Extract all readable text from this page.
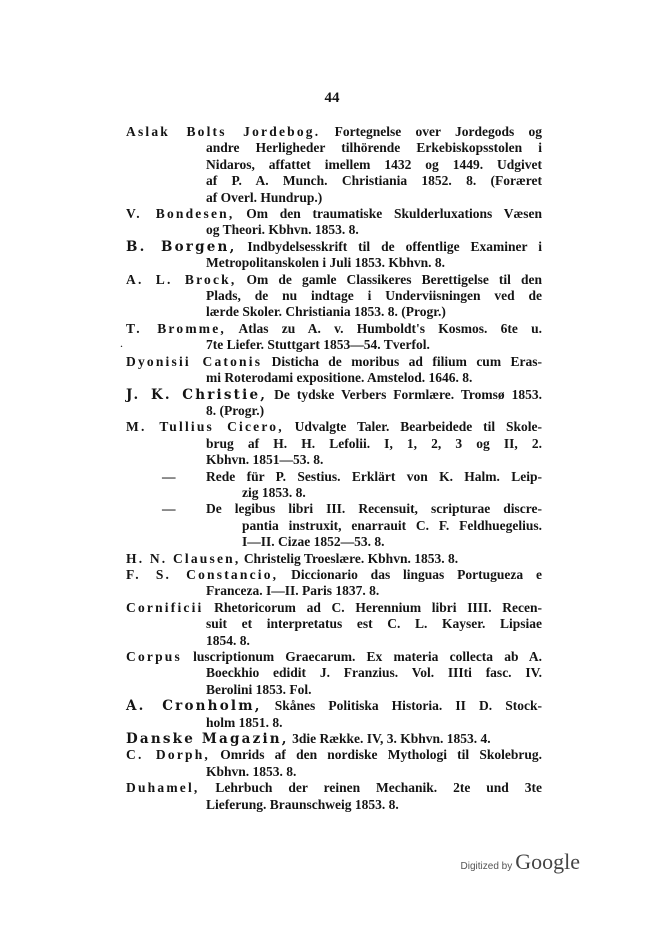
44
.
Aslak Bolts Jordebog. Fortegnelse over Jordegods og
andre Herligheder tilhörende Erkebiskopsstolen i
Nidaros, affattet imellem 1432 og 1449. Udgivet
af P. A. Munch. Christiania 1852. 8. (Foræret
af Overl. Hundrup.)
V. Bondesen, Om den traumatiske Skulderluxations Væsen
og Theori. Kbhvn. 1853. 8.
B. Borgen, Indbydelsesskrift til de offentlige Examiner i
Metropolitanskolen i Juli 1853. Kbhvn. 8.
A. L. Brock, Om de gamle Classikeres Berettigelse til den
Plads, de nu indtage i Underviisningen ved de
lærde Skoler. Christiania 1853. 8. (Progr.)
T. Bromme, Atlas zu A. v. Humboldt's Kosmos. 6te u.
7te Liefer. Stuttgart 1853—54. Tverfol.
Dyonisii Catonis Disticha de moribus ad filium cum Eras-
mi Roterodami expositione. Amstelod. 1646. 8.
J. K. Christie, De tydske Verbers Formlære. Tromsø 1853.
8. (Progr.)
M. Tullius Cicero, Udvalgte Taler. Bearbeidede til Skole-
brug af H. H. Lefolii. I, 1, 2, 3 og II, 2.
Kbhvn. 1851—53. 8.
— Rede für P. Sestius. Erklärt von K. Halm. Leip-
zig 1853. 8.
— De legibus libri III. Recensuit, scripturae discre-
pantia instruxit, enarrauit C. F. Feldhuegelius.
I—II. Cizae 1852—53. 8.
H. N. Clausen, Christelig Troeslære. Kbhvn. 1853. 8.
F. S. Constancio, Diccionario das linguas Portugueza e
Franceza. I—II. Paris 1837. 8.
Cornificii Rhetoricorum ad C. Herennium libri IIII. Recen-
suit et interpretatus est C. L. Kayser. Lipsiae
1854. 8.
Corpus luscriptionum Graecarum. Ex materia collecta ab A.
Boeckhio edidit J. Franzius. Vol. IIIti fasc. IV.
Berolini 1853. Fol.
A. Cronholm, Skånes Politiska Historia. II D. Stock-
holm 1851. 8.
Danske Magazin, 3die Række. IV, 3. Kbhvn. 1853. 4.
C. Dorph, Omrids af den nordiske Mythologi til Skolebrug.
Kbhvn. 1853. 8.
Duhamel, Lehrbuch der reinen Mechanik. 2te und 3te
Lieferung. Braunschweig 1853. 8.
Digitized by Google
